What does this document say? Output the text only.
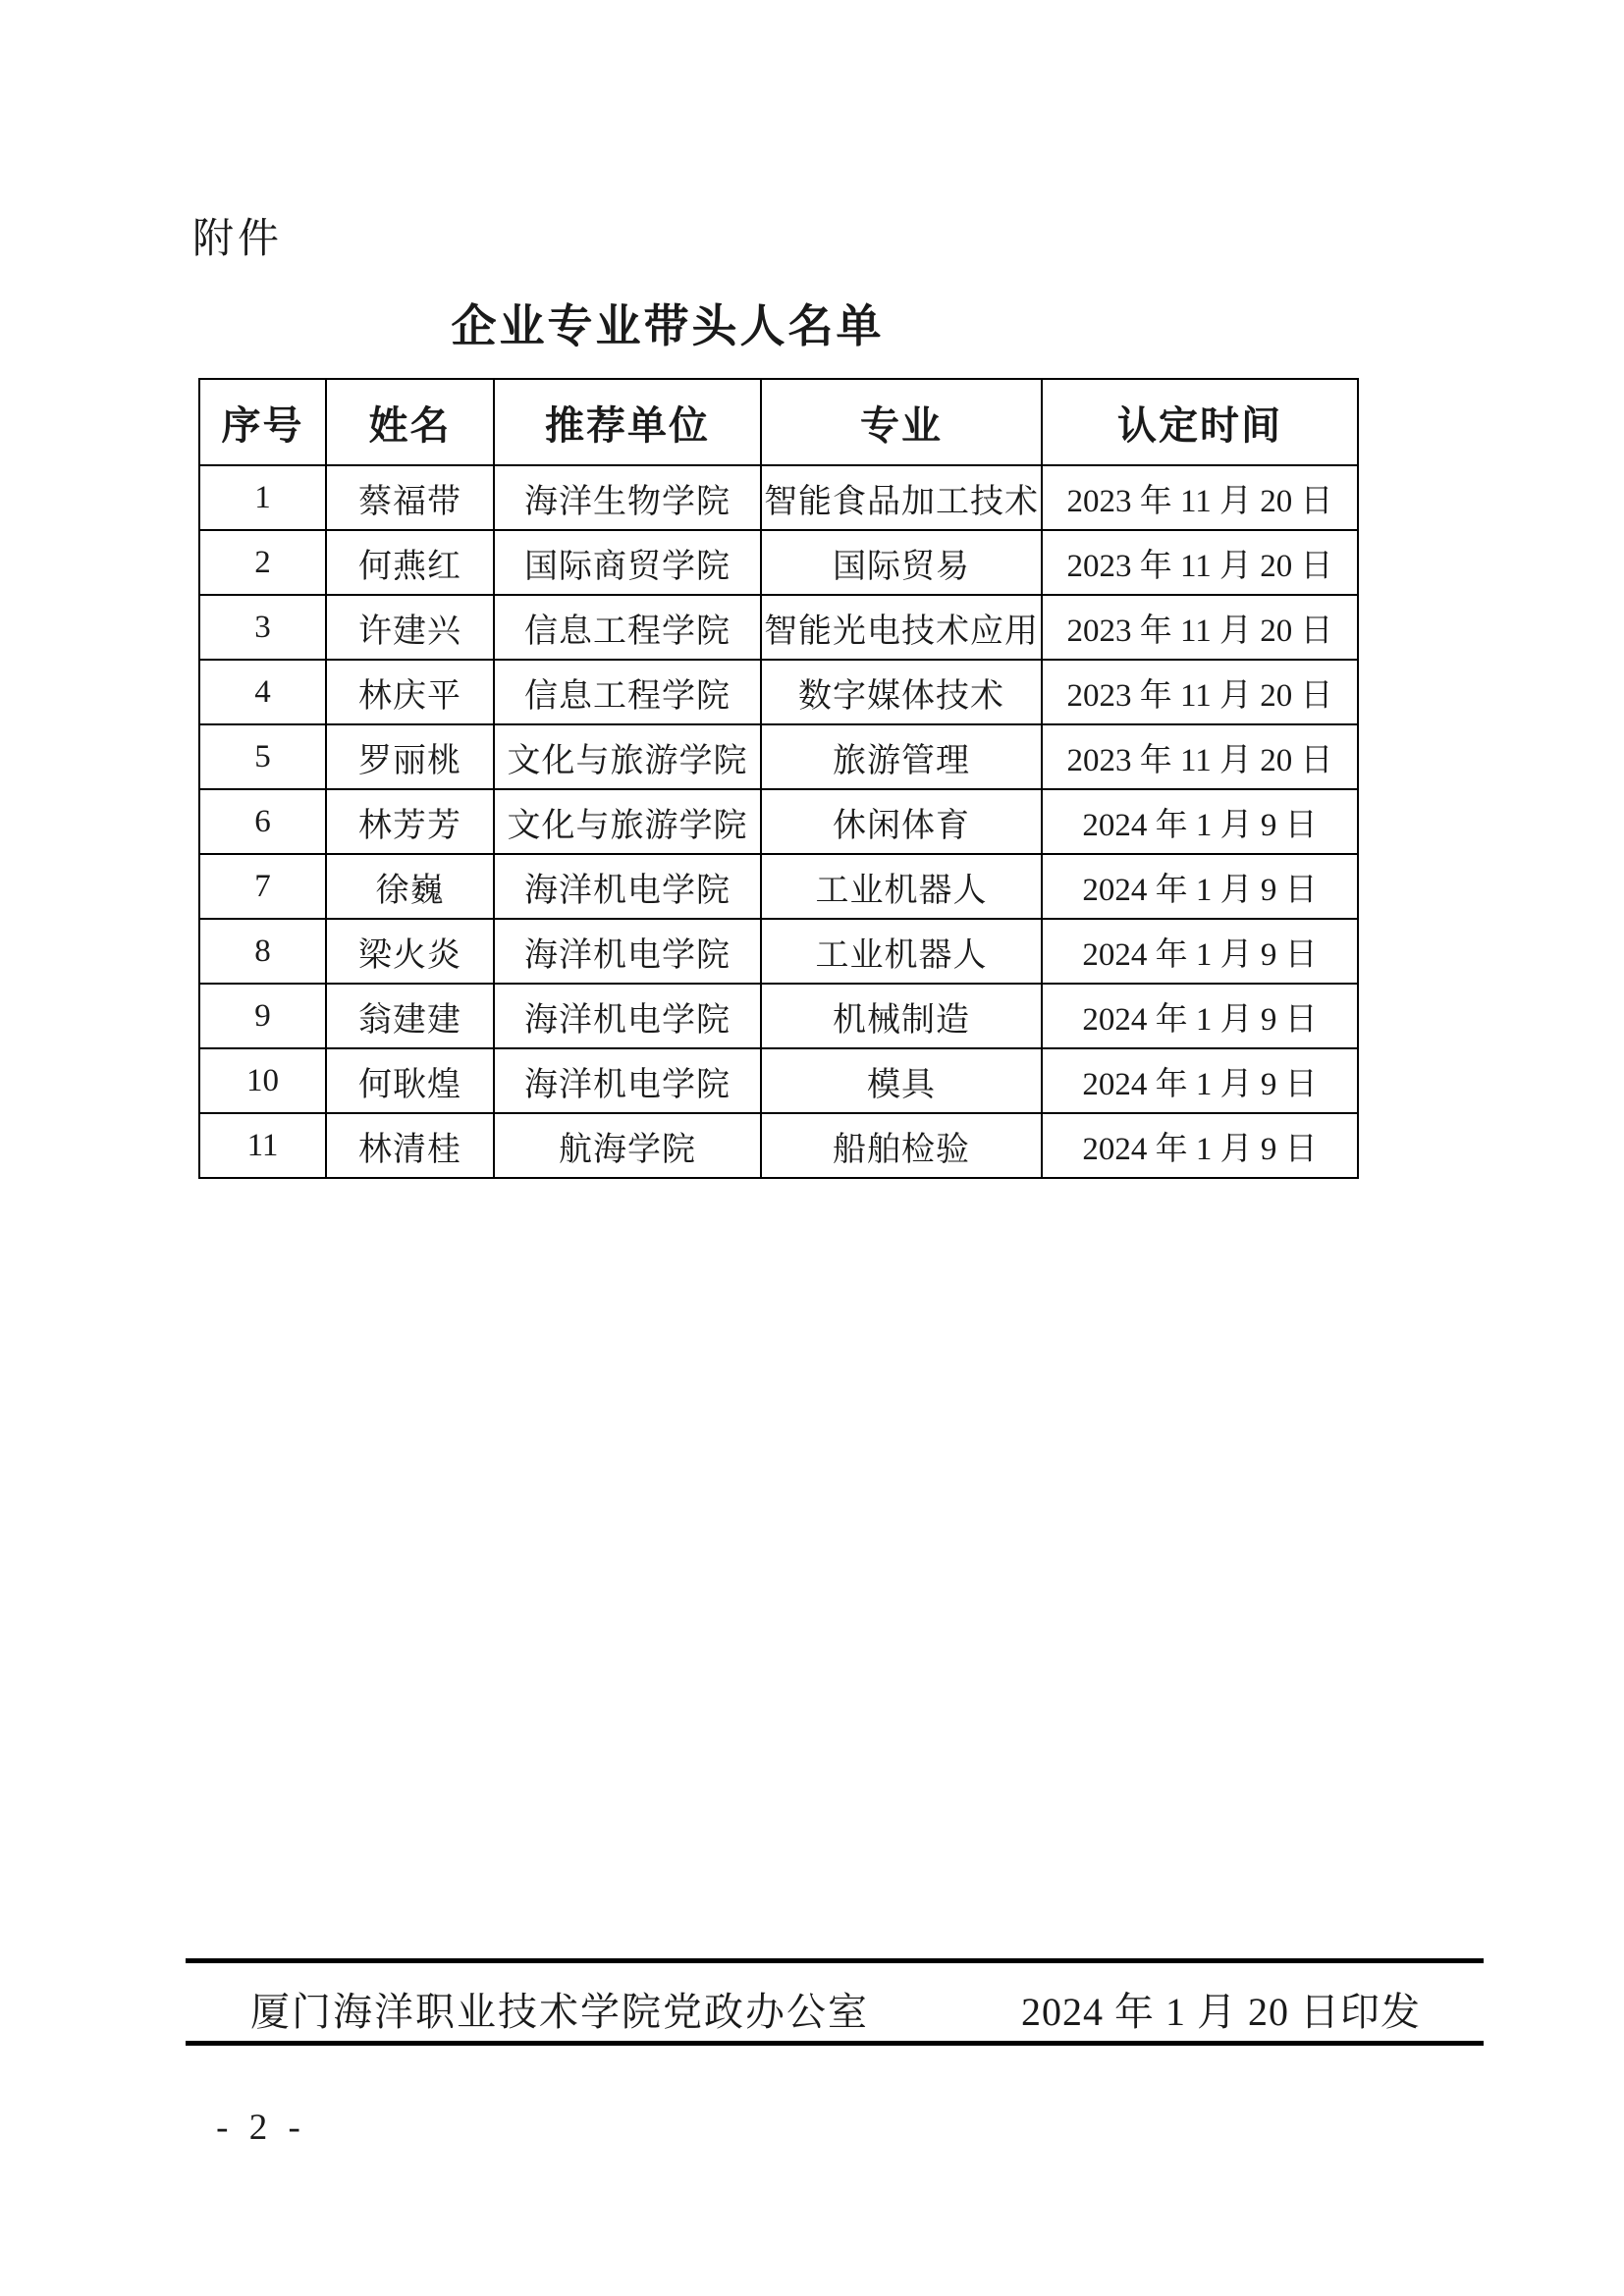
附件
企业专业带头人名单
序号	姓名	推荐单位	专业	认定时间
1	蔡福带	海洋生物学院	智能食品加工技术	2023 年 11 月 20 日
2	何燕红	国际商贸学院	国际贸易	2023 年 11 月 20 日
3	许建兴	信息工程学院	智能光电技术应用	2023 年 11 月 20 日
4	林庆平	信息工程学院	数字媒体技术	2023 年 11 月 20 日
5	罗丽桃	文化与旅游学院	旅游管理	2023 年 11 月 20 日
6	林芳芳	文化与旅游学院	休闲体育	2024 年 1 月 9 日
7	徐巍	海洋机电学院	工业机器人	2024 年 1 月 9 日
8	梁火炎	海洋机电学院	工业机器人	2024 年 1 月 9 日
9	翁建建	海洋机电学院	机械制造	2024 年 1 月 9 日
10	何耿煌	海洋机电学院	模具	2024 年 1 月 9 日
11	林清桂	航海学院	船舶检验	2024 年 1 月 9 日
厦门海洋职业技术学院党政办公室	2024 年 1 月 20 日印发
- 2 -
